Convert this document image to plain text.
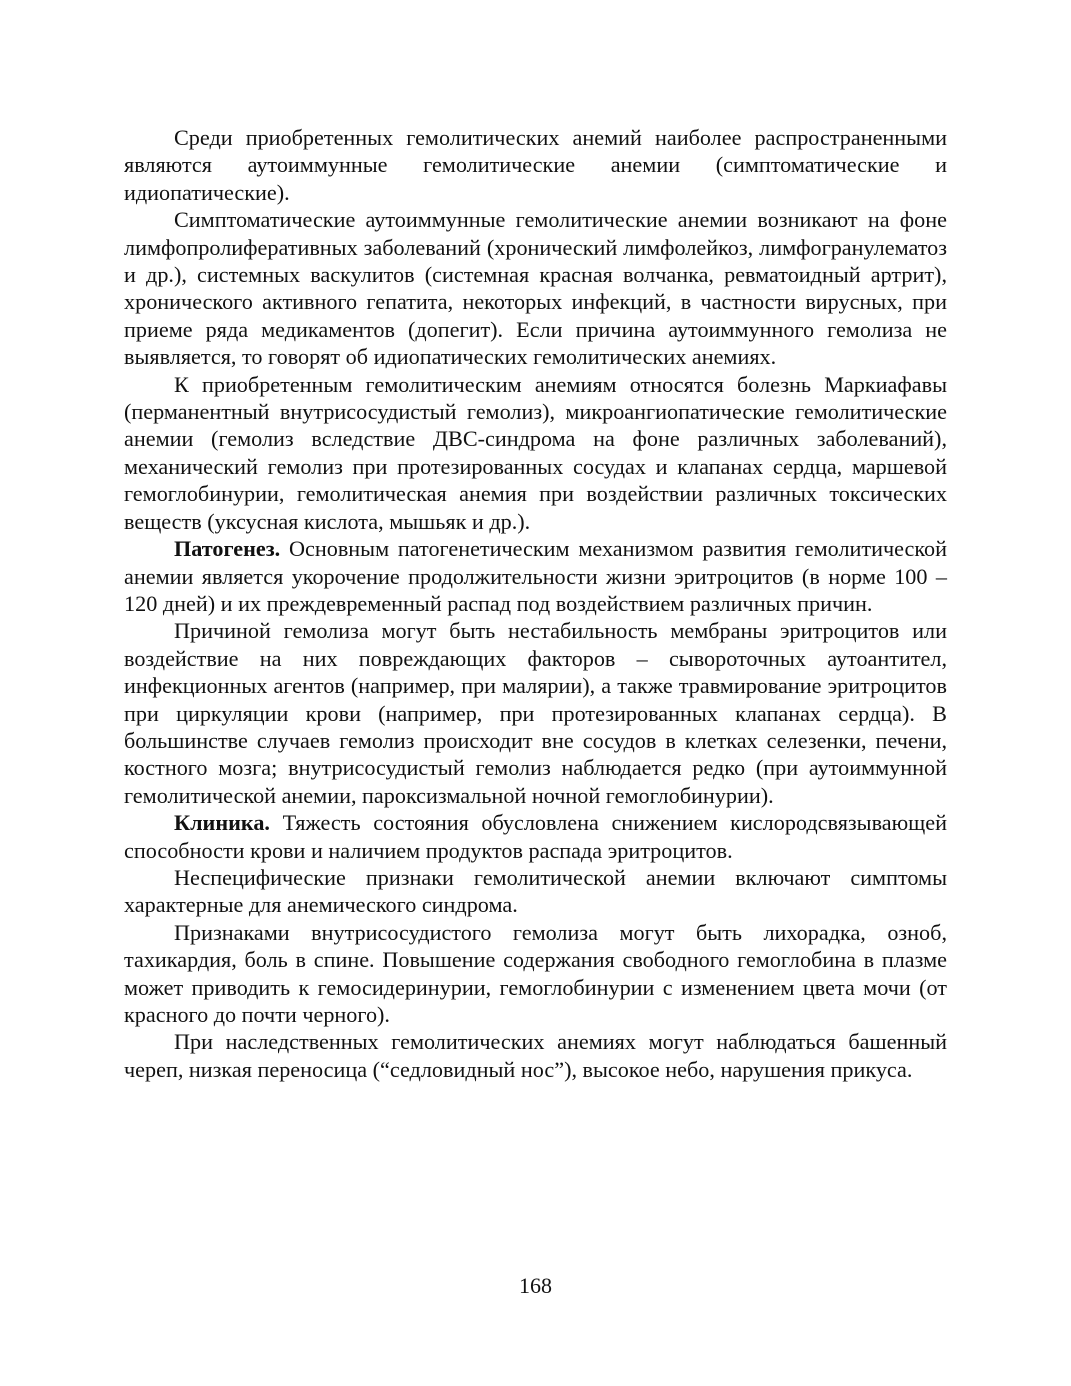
Среди приобретенных гемолитических анемий наиболее распространенными являются аутоиммунные гемолитические анемии (симптоматические и идиопатические).

Симптоматические аутоиммунные гемолитические анемии возникают на фоне лимфопролиферативных заболеваний (хронический лимфолейкоз, лимфогранулематоз и др.), системных васкулитов (системная красная волчанка, ревматоидный артрит), хронического активного гепатита, некоторых инфекций, в частности вирусных, при приеме ряда медикаментов (допегит). Если причина аутоиммунного гемолиза не выявляется, то говорят об идиопатических гемолитических анемиях.

К приобретенным гемолитическим анемиям относятся болезнь Маркиафавы (перманентный внутрисосудистый гемолиз), микроангиопатические гемолитические анемии (гемолиз вследствие ДВС-синдрома на фоне различных заболеваний), механический гемолиз при протезированных сосудах и клапанах сердца, маршевой гемоглобинурии, гемолитическая анемия при воздействии различных токсических веществ (уксусная кислота, мышьяк и др.).

Патогенез. Основным патогенетическим механизмом развития гемолитической анемии является укорочение продолжительности жизни эритроцитов (в норме 100 – 120 дней) и их преждевременный распад под воздействием различных причин.

Причиной гемолиза могут быть нестабильность мембраны эритроцитов или воздействие на них повреждающих факторов – сывороточных аутоантител, инфекционных агентов (например, при малярии), а также травмирование эритроцитов при циркуляции крови (например, при протезированных клапанах сердца). В большинстве случаев гемолиз происходит вне сосудов в клетках селезенки, печени, костного мозга; внутрисосудистый гемолиз наблюдается редко (при аутоиммунной гемолитической анемии, пароксизмальной ночной гемоглобинурии).

Клиника. Тяжесть состояния обусловлена снижением кислородсвязывающей способности крови и наличием продуктов распада эритроцитов.

Неспецифические признаки гемолитической анемии включают симптомы характерные для анемического синдрома.

Признаками внутрисосудистого гемолиза могут быть лихорадка, озноб, тахикардия, боль в спине. Повышение содержания свободного гемоглобина в плазме может приводить к гемосидеринурии, гемоглобинурии с изменением цвета мочи (от красного до почти черного).

При наследственных гемолитических анемиях могут наблюдаться башенный череп, низкая переносица (“седловидный нос”), высокое небо, нарушения прикуса.

168
